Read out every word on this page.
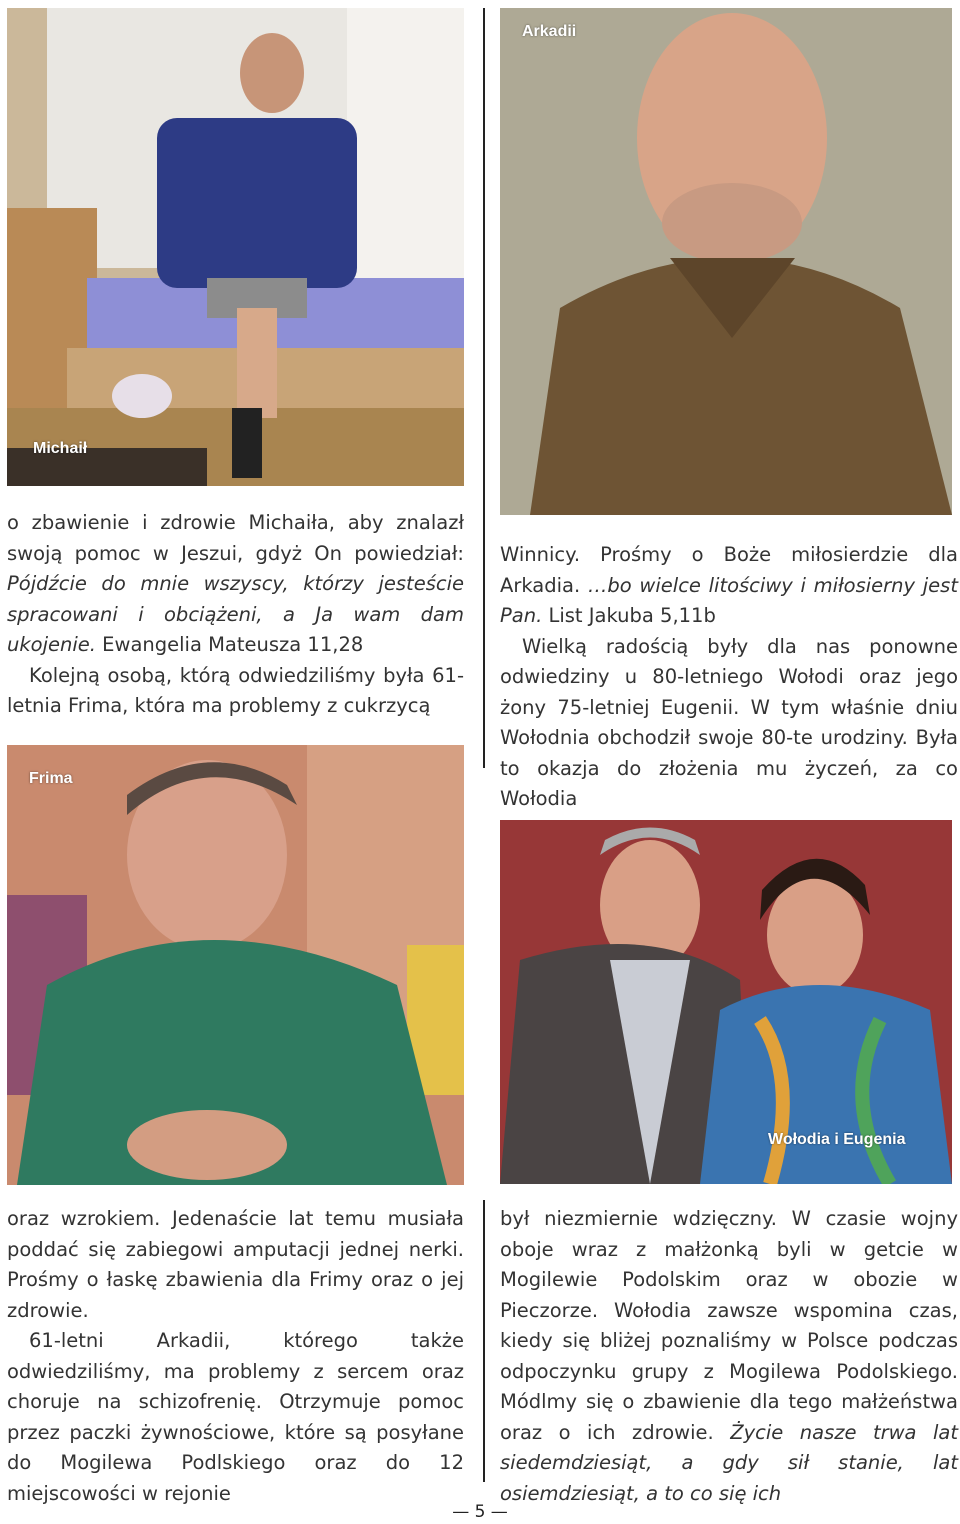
Michaił
Arkadii

o zbawienie i zdrowie Michaiła, aby znalazł swoją pomoc w Jeszui, gdyż On powiedział: Pójdźcie do mnie wszyscy, którzy jesteście spracowani i obciążeni, a Ja wam dam ukojenie. Ewangelia Mateusza 11,28

Kolejną osobą, którą odwiedziliśmy była 61-letnia Frima, która ma problemy z cukrzycą

Winnicy. Prośmy o Boże miłosierdzie dla Arkadia. …bo wielce litościwy i miłosierny jest Pan. List Jakuba 5,11b

Wielką radością były dla nas ponowne odwiedziny u 80-letniego Wołodi oraz jego żony 75-letniej Eugenii. W tym właśnie dniu Wołodnia obchodził swoje 80-te urodziny. Była to okazja do złożenia mu życzeń, za co Wołodia

Frima
Wołodia i Eugenia

oraz wzrokiem. Jedenaście lat temu musiała poddać się zabiegowi amputacji jednej nerki. Prośmy o łaskę zbawienia dla Frimy oraz o jej zdrowie.

61-letni Arkadii, którego także odwiedziliśmy, ma problemy z sercem oraz choruje na schizofrenię. Otrzymuje pomoc przez paczki żywnościowe, które są posyłane do Mogilewa Podlskiego oraz do 12 miejscowości w rejonie

był niezmiernie wdzięczny. W czasie wojny oboje wraz z małżonką byli w getcie w Mogilewie Podolskim oraz w obozie w Pieczorze. Wołodia zawsze wspomina czas, kiedy się bliżej poznaliśmy w Polsce podczas odpoczynku grupy z Mogilewa Podolskiego. Módlmy się o zbawienie dla tego małżeństwa oraz o ich zdrowie. Życie nasze trwa lat siedemdziesiąt, a gdy sił stanie, lat osiemdziesiąt, a to co się ich

— 5 —
